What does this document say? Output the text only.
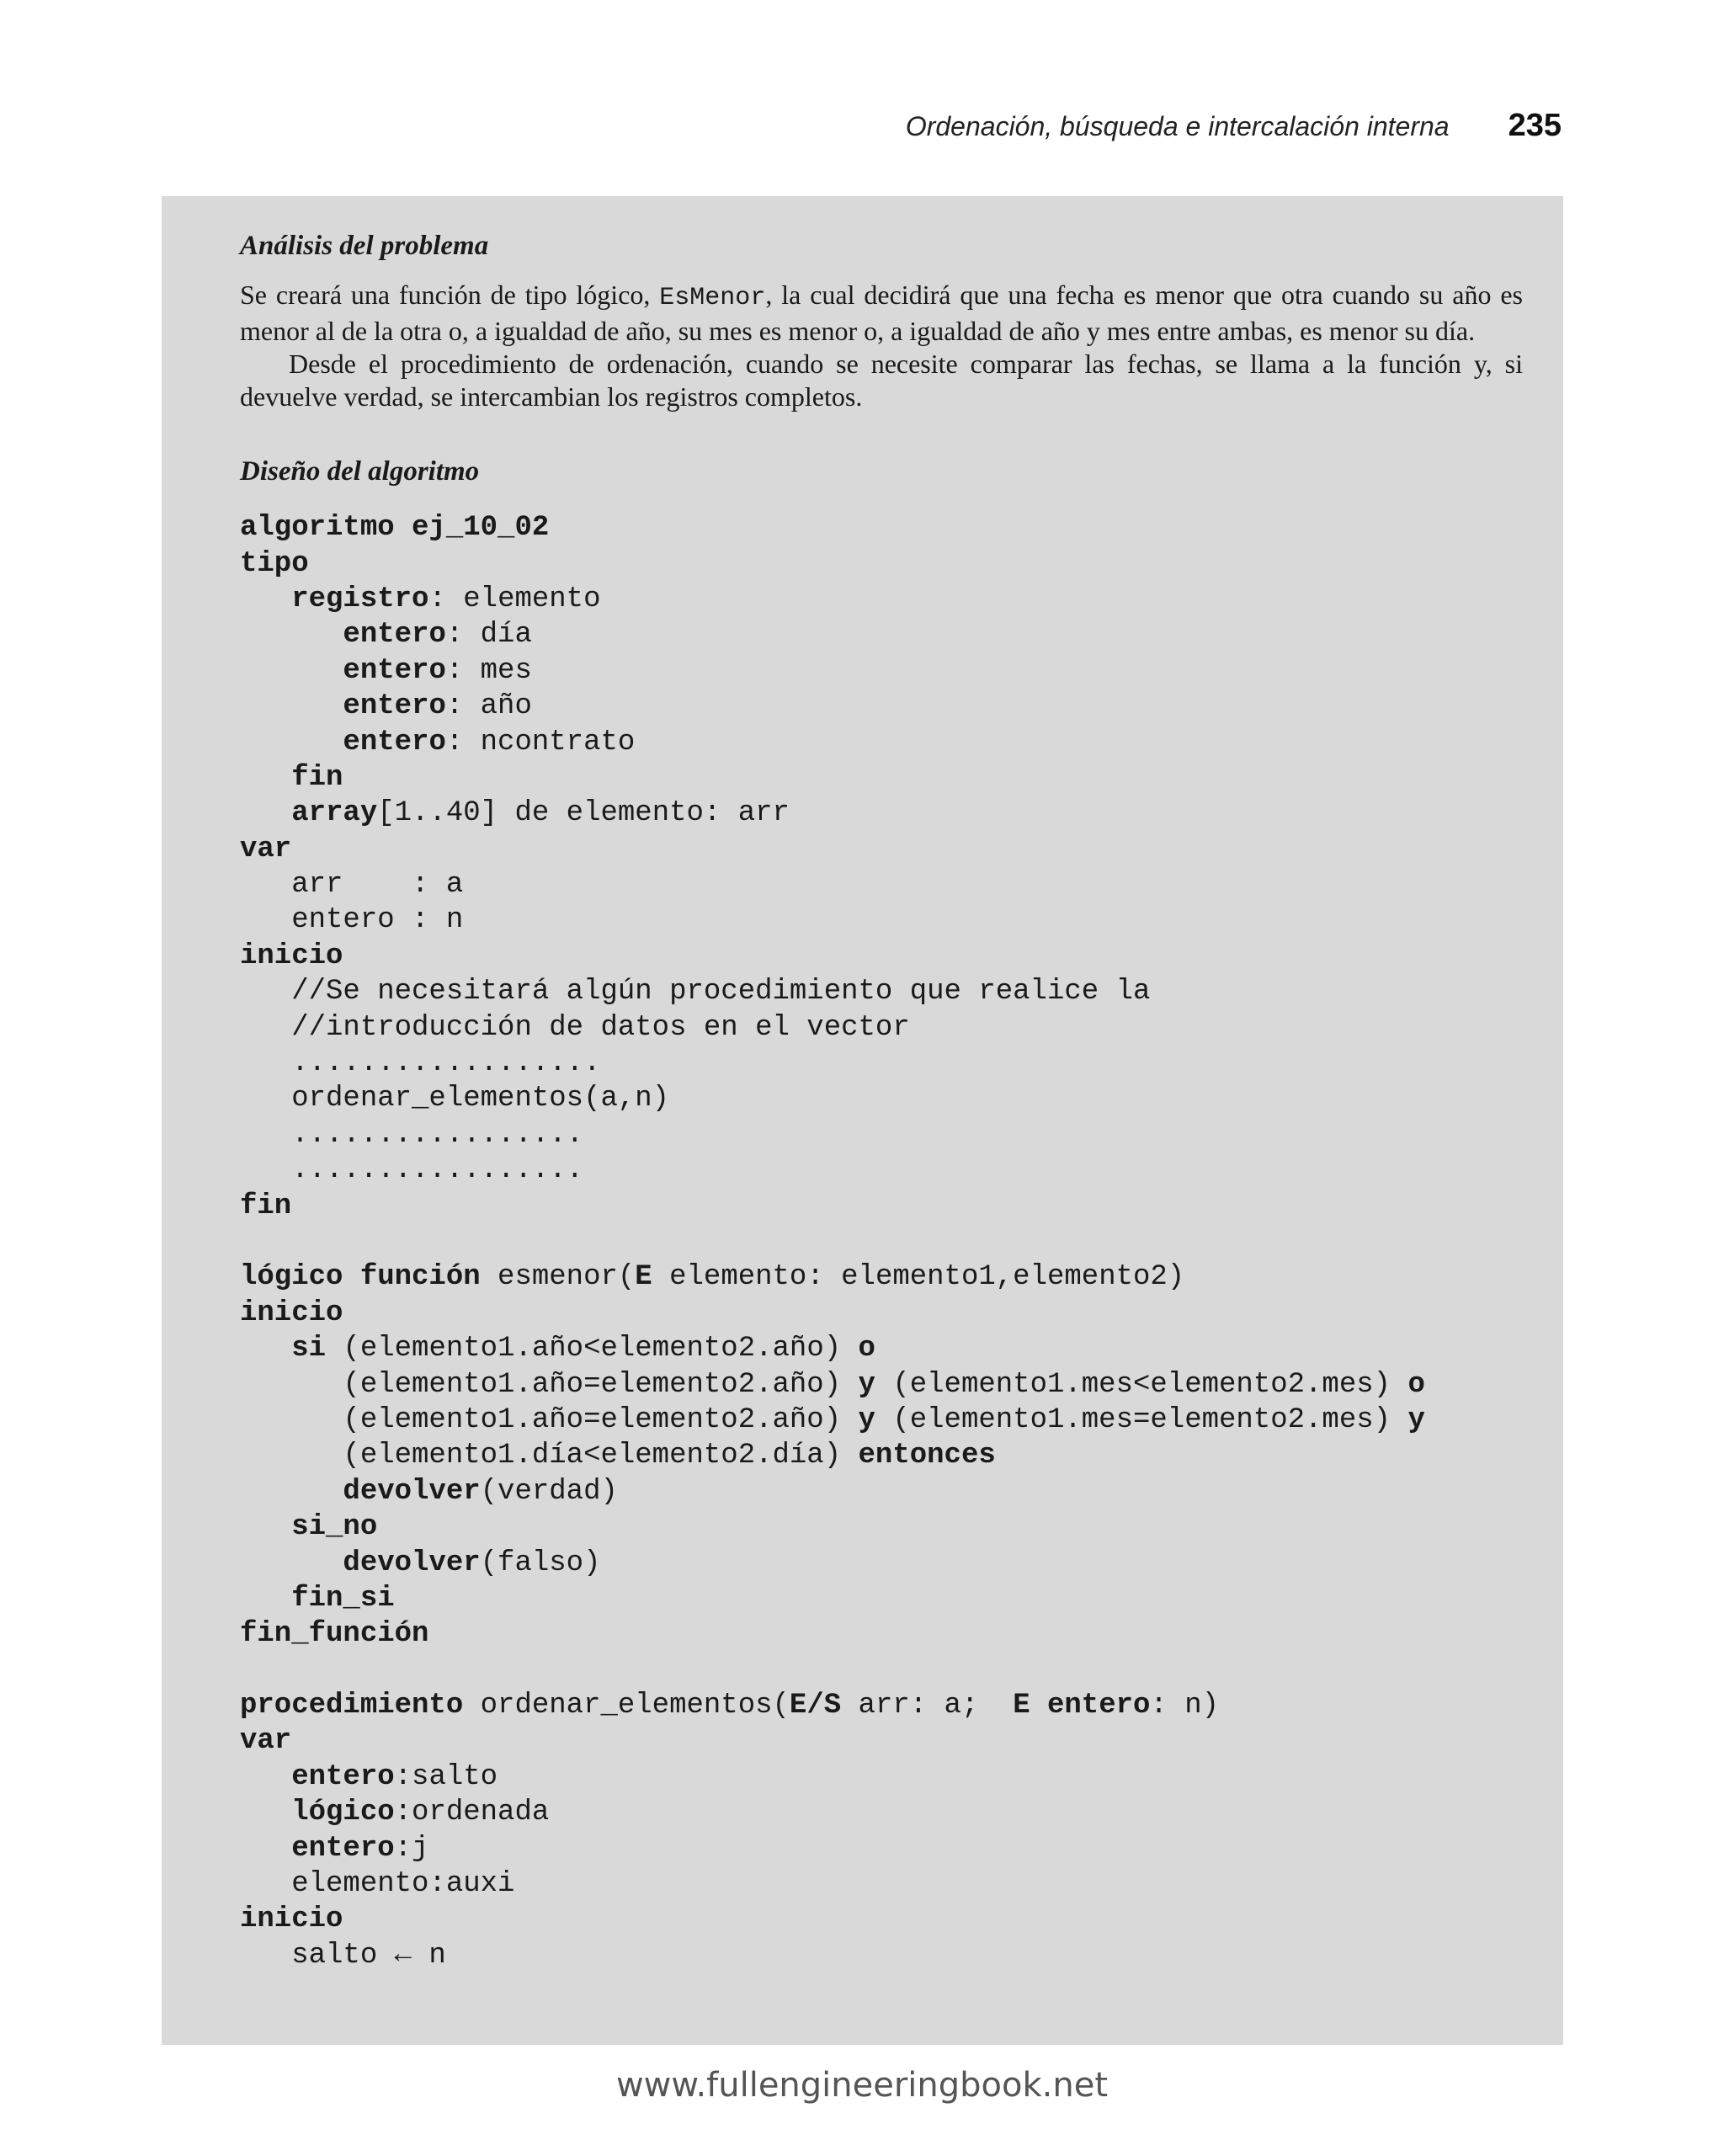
Ordenación, búsqueda e intercalación interna 235
Análisis del problema

Se creará una función de tipo lógico, EsMenor, la cual decidirá que una fecha es menor que otra cuando su año es menor al de la otra o, a igualdad de año, su mes es menor o, a igualdad de año y mes entre ambas, es menor su día.

Desde el procedimiento de ordenación, cuando se necesite comparar las fechas, se llama a la función y, si devuelve verdad, se intercambian los registros completos.

Diseño del algoritmo
algoritmo ej_10_02
tipo
registro: elemento
entero: día
entero: mes
entero: año
entero: ncontrato
fin
array[1..40] de elemento: arr
var
arr    : a
entero : n
inicio
//Se necesitará algún procedimiento que realice la
//introducción de datos en el vector
..................
ordenar_elementos(a,n)
.................
.................
fin
lógico función esmenor(E elemento: elemento1,elemento2)
inicio
si (elemento1.año<elemento2.año) o
(elemento1.año=elemento2.año) y (elemento1.mes<elemento2.mes) o
(elemento1.año=elemento2.año) y (elemento1.mes=elemento2.mes) y
(elemento1.día<elemento2.día) entonces
devolver(verdad)
si_no
devolver(falso)
fin_si
fin_función
procedimiento ordenar_elementos(E/S arr: a;  E entero: n)
var
entero:salto
lógico:ordenada
entero:j
elemento:auxi
inicio
salto ← n
www.fullengineeringbook.net
